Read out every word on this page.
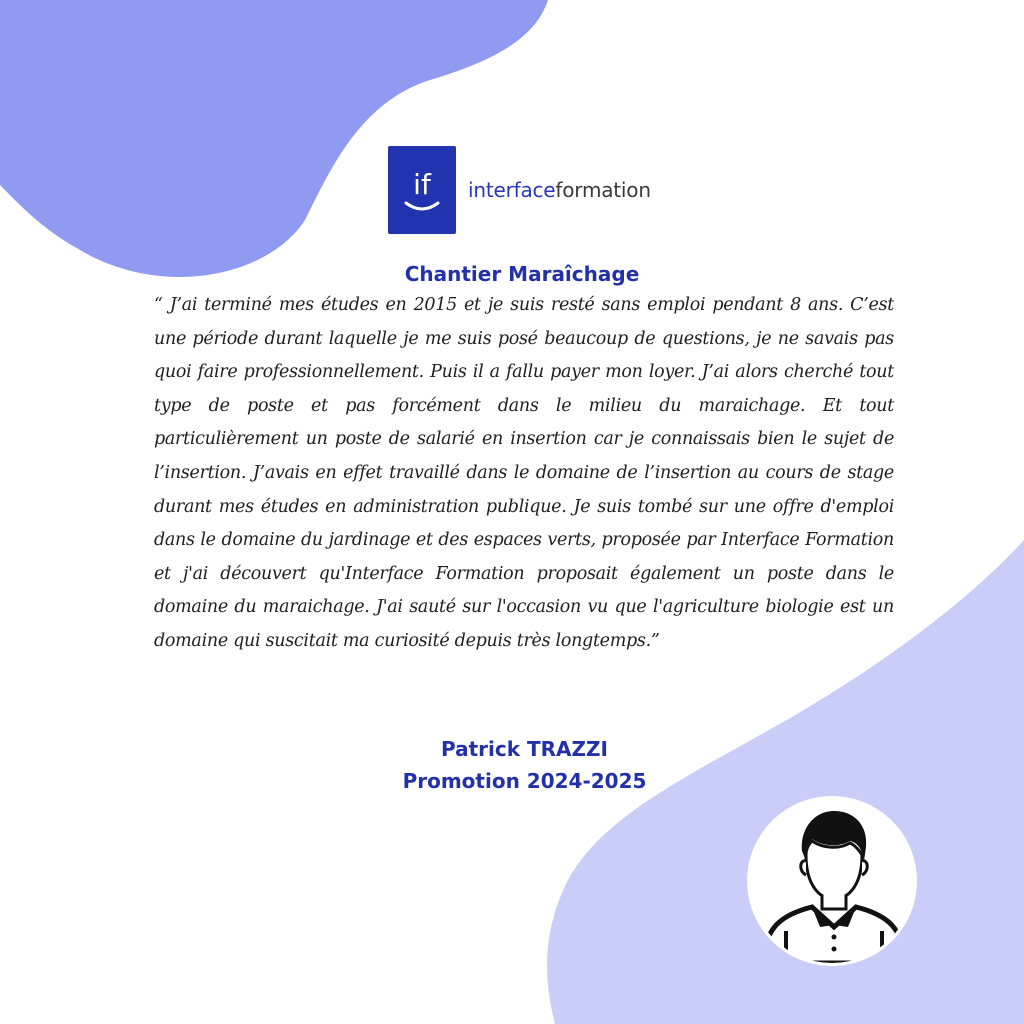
if interfaceformation
Chantier Maraîchage

“ J’ai terminé mes études en 2015 et je suis resté sans emploi pendant 8 ans. C’est une période durant laquelle je me suis posé beaucoup de questions, je ne savais pas quoi faire professionnellement. Puis il a fallu payer mon loyer. J’ai alors cherché tout type de poste et pas forcément dans le milieu du maraichage. Et tout particulièrement un poste de salarié en insertion car je connaissais bien le sujet de l’insertion. J’avais en effet travaillé dans le domaine de l’insertion au cours de stage durant mes études en administration publique. Je suis tombé sur une offre d'emploi dans le domaine du jardinage et des espaces verts, proposée par Interface Formation et j'ai découvert qu'Interface Formation proposait également un poste dans le domaine du maraichage. J'ai sauté sur l'occasion vu que l'agriculture biologie est un domaine qui suscitait ma curiosité depuis très longtemps.”

Patrick TRAZZI
Promotion 2024-2025
